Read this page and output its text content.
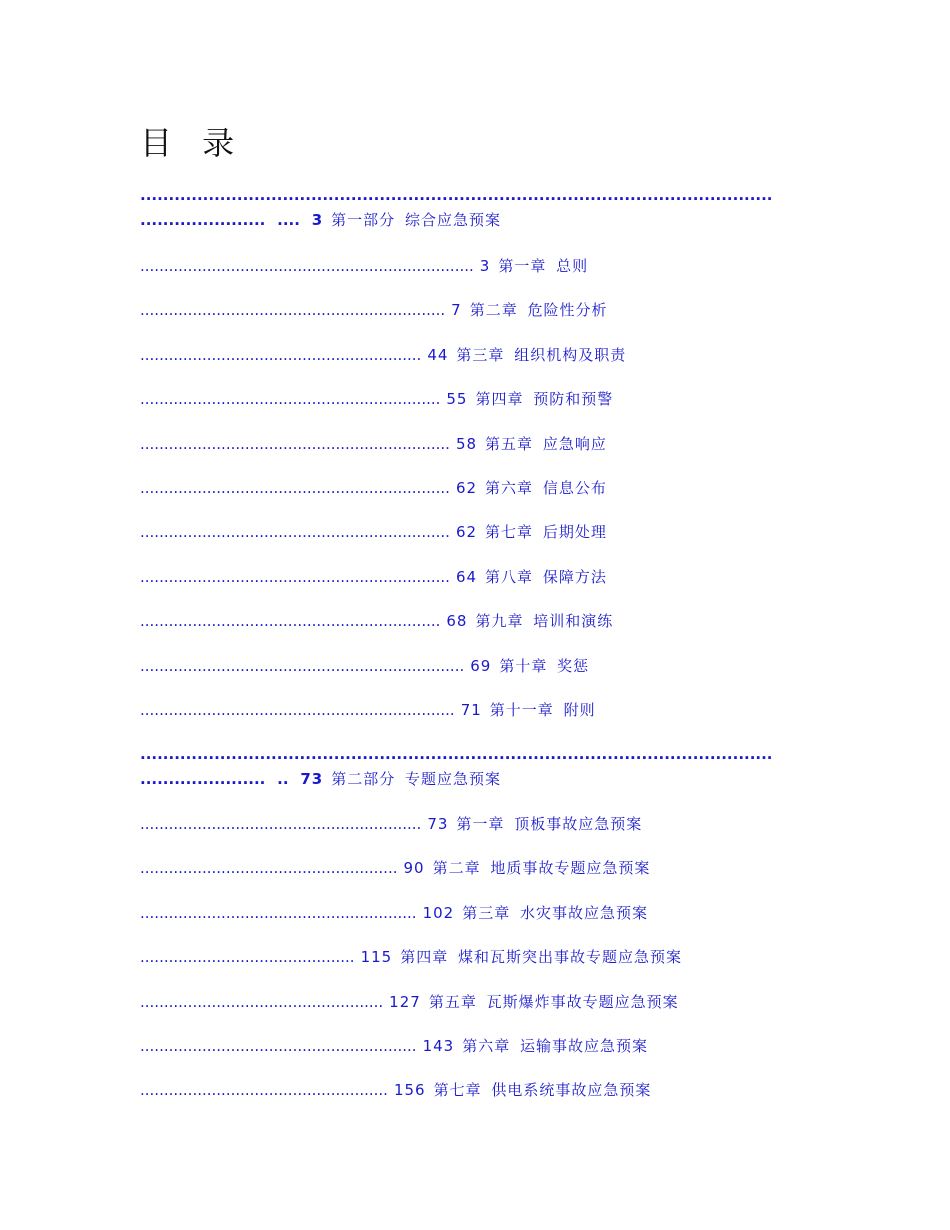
目 录
...............................................................................................................
...................... .... 3 第一部分 综合应急预案
...................................................................... 3 第一章 总则
................................................................ 7 第二章 危险性分析
........................................................... 44 第三章 组织机构及职责
............................................................... 55 第四章 预防和预警
................................................................. 58 第五章 应急响应
................................................................. 62 第六章 信息公布
................................................................. 62 第七章 后期处理
................................................................. 64 第八章 保障方法
............................................................... 68 第九章 培训和演练
.................................................................... 69 第十章 奖惩
.................................................................. 71 第十一章 附则
...............................................................................................................
...................... .. 73 第二部分 专题应急预案
........................................................... 73 第一章 顶板事故应急预案
...................................................... 90 第二章 地质事故专题应急预案
.......................................................... 102 第三章 水灾事故应急预案
............................................. 115 第四章 煤和瓦斯突出事故专题应急预案
................................................... 127 第五章 瓦斯爆炸事故专题应急预案
.......................................................... 143 第六章 运输事故应急预案
.................................................... 156 第七章 供电系统事故应急预案
